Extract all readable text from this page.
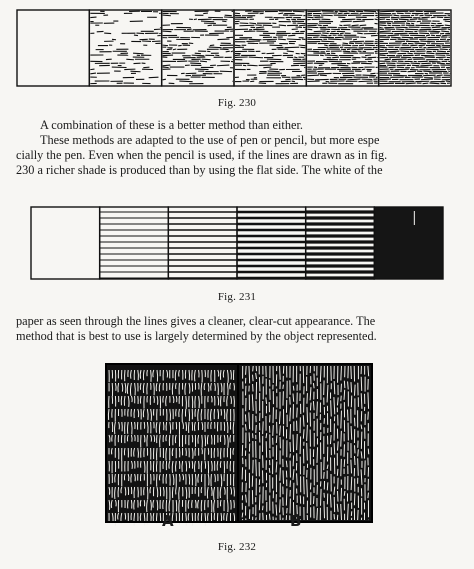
Fig. 230
A combination of these is a better method than either.
These methods are adapted to the use of pen or pencil, but more espe
cially the pen. Even when the pencil is used, if the lines are drawn as in fig.
230 a richer shade is produced than by using the flat side. The white of the
Fig. 231
paper as seen through the lines gives a cleaner, clear-cut appearance. The
method that is best to use is largely determined by the object represented.
A	B
Fig. 232
